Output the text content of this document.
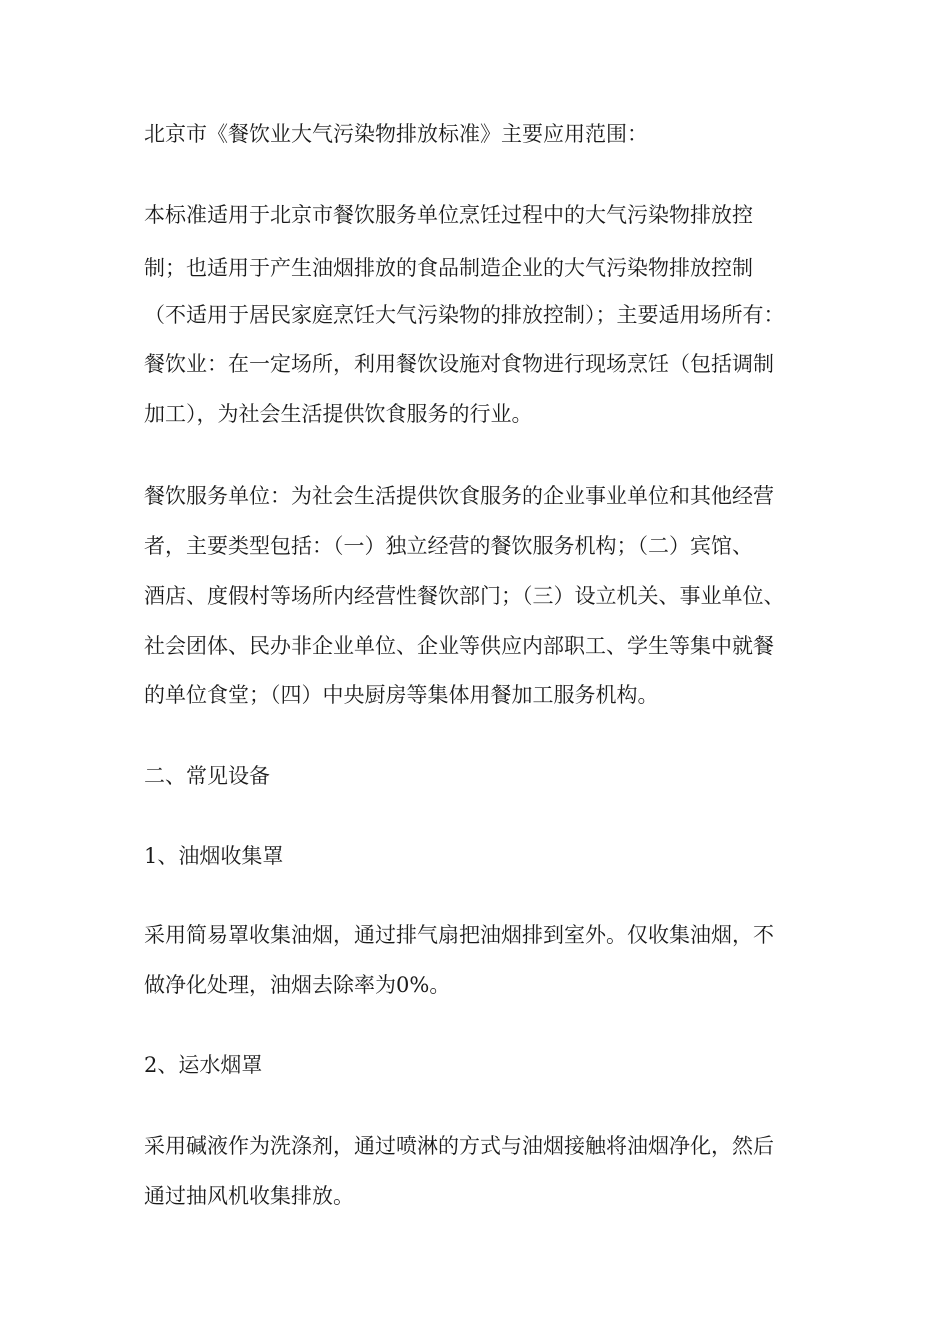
北京市《餐饮业大气污染物排放标准》主要应用范围：
本标准适用于北京市餐饮服务单位烹饪过程中的大气污染物排放控
制；也适用于产生油烟排放的食品制造企业的大气污染物排放控制
（不适用于居民家庭烹饪大气污染物的排放控制）；主要适用场所有：
餐饮业：在一定场所，利用餐饮设施对食物进行现场烹饪（包括调制
加工），为社会生活提供饮食服务的行业。
餐饮服务单位：为社会生活提供饮食服务的企业事业单位和其他经营
者，主要类型包括：（一）独立经营的餐饮服务机构；（二）宾馆、
酒店、度假村等场所内经营性餐饮部门；（三）设立机关、事业单位、
社会团体、民办非企业单位、企业等供应内部职工、学生等集中就餐
的单位食堂；（四）中央厨房等集体用餐加工服务机构。
二、常见设备
1、油烟收集罩
采用简易罩收集油烟，通过排气扇把油烟排到室外。仅收集油烟，不
做净化处理，油烟去除率为0%。
2、运水烟罩
采用碱液作为洗涤剂，通过喷淋的方式与油烟接触将油烟净化，然后
通过抽风机收集排放。
